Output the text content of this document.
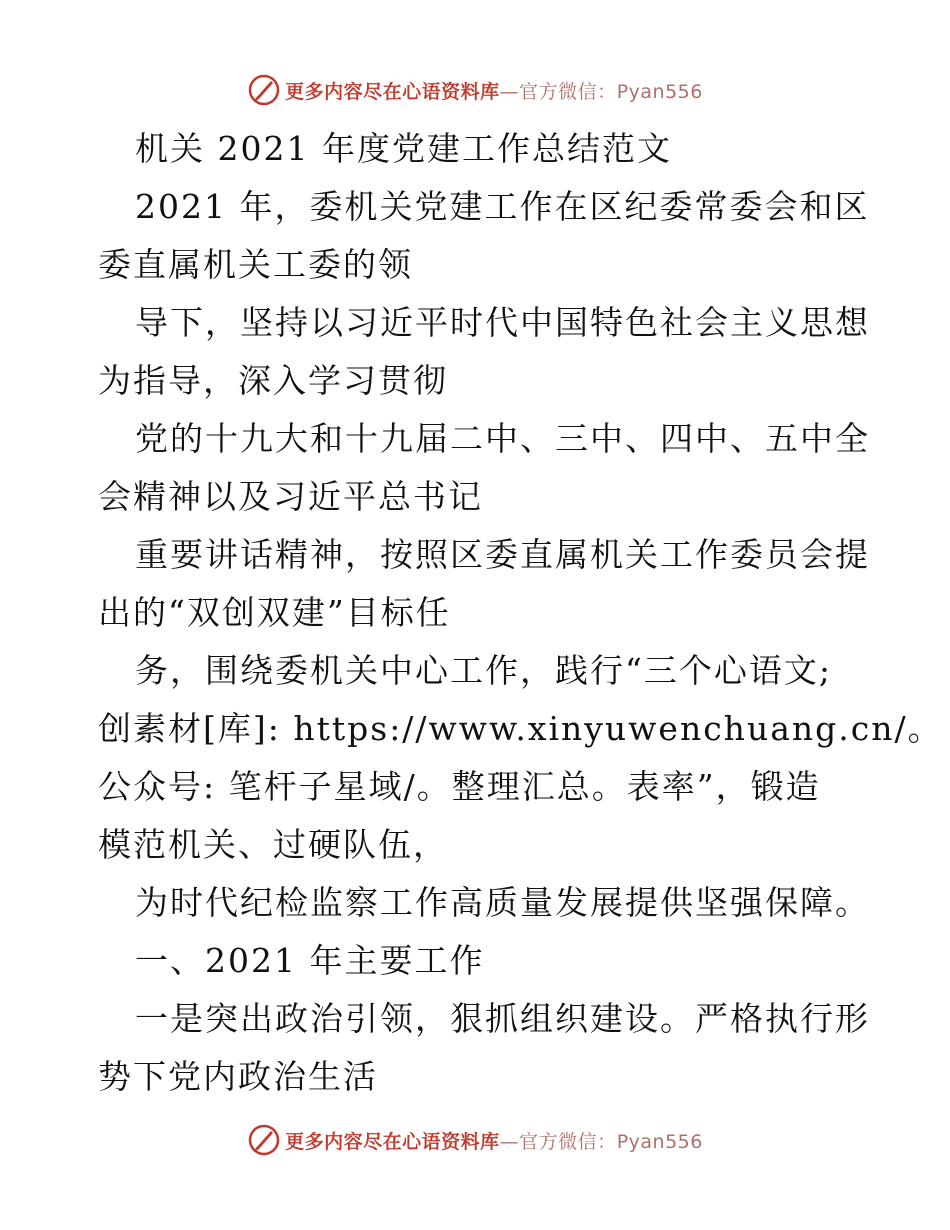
更多内容尽在心语资料库—官方微信：Pyan556
机关 2021 年度党建工作总结范文
2021 年，委机关党建工作在区纪委常委会和区
委直属机关工委的领
导下，坚持以习近平时代中国特色社会主义思想
为指导，深入学习贯彻
党的十九大和十九届二中、三中、四中、五中全
会精神以及习近平总书记
重要讲话精神，按照区委直属机关工作委员会提
出的“双创双建”目标任
务，围绕委机关中心工作，践行“三个心语文;
创素材[库]: https://www.xinyuwenchuang.cn/。
公众号: 笔杆子星域/。整理汇总。表率”，锻造
模范机关、过硬队伍，
为时代纪检监察工作高质量发展提供坚强保障。
一、2021 年主要工作
一是突出政治引领，狠抓组织建设。严格执行形
势下党内政治生活
更多内容尽在心语资料库—官方微信：Pyan556
